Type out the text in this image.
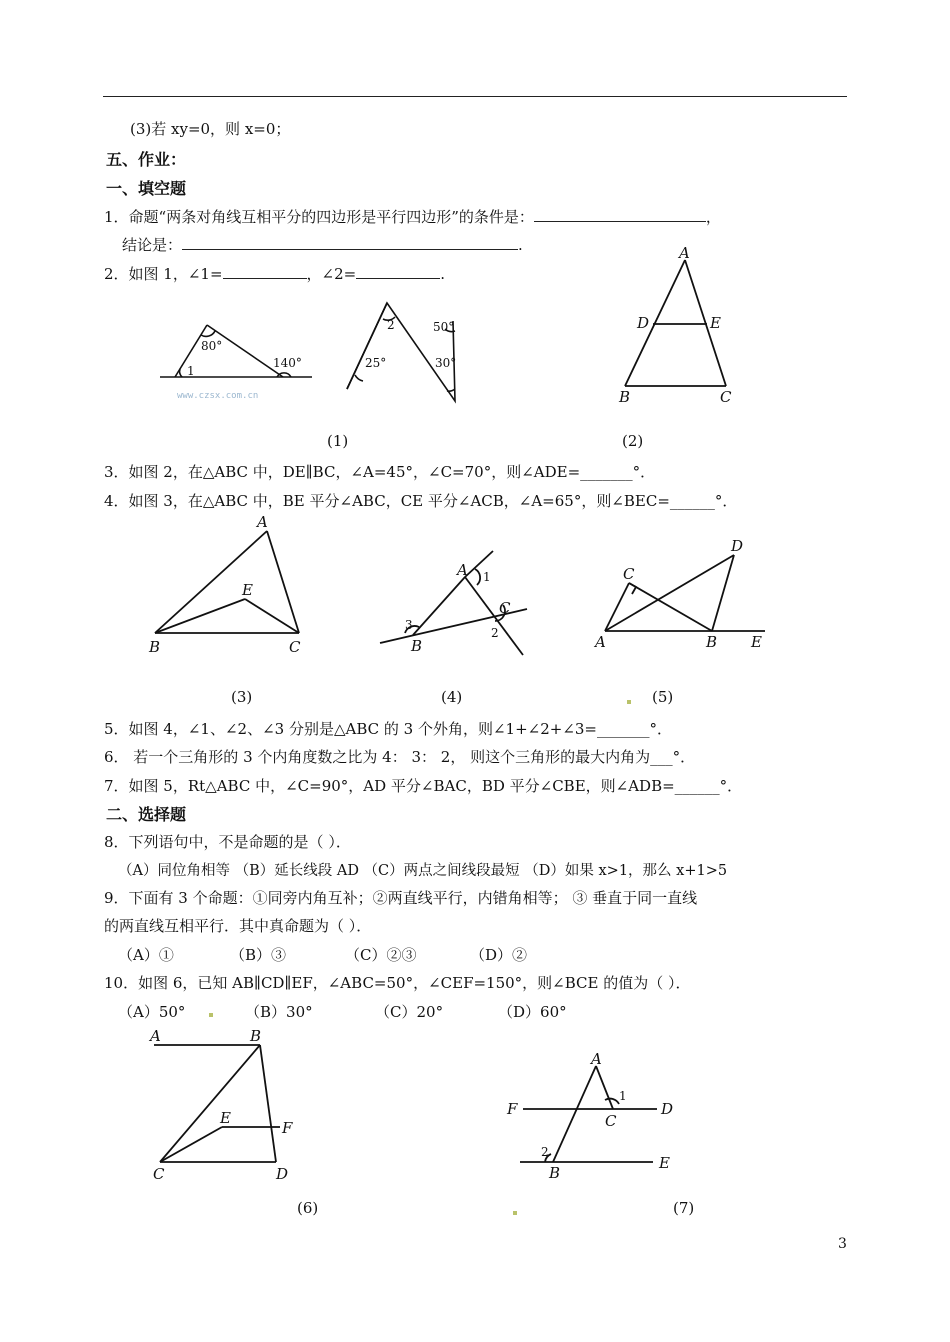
(3)若 xy=0，则 x=0；
五、作业：
一、填空题
1．命题“两条对角线互相平分的四边形是平行四边形”的条件是：	，
结论是：	.
2．如图 1，∠1=	，∠2=	.
80°
140°
1
www.czsx.com.cn
2	50°
25°	30°
A
B	C
D	E
(1)	(2)
3．如图 2，在△ABC 中，DE∥BC，∠A=45°，∠C=70°，则∠ADE=_______°．
4．如图 3，在△ABC 中，BE 平分∠ABC，CE 平分∠ACB，∠A=65°，则∠BEC=______°．
A
B	C
E
A
B
C
1
2
3
A	B
C
D
E
(3)	(4)	(5)
5．如图 4，∠1、∠2、∠3 分别是△ABC 的 3 个外角，则∠1+∠2+∠3=_______°．
6． 若一个三角形的 3 个内角度数之比为 4： 3： 2， 则这个三角形的最大内角为___°．
7．如图 5，Rt△ABC 中，∠C=90°，AD 平分∠BAC，BD 平分∠CBE，则∠ADB=______°．
二、选择题
8．下列语句中，不是命题的是（ ）．
（A）同位角相等 （B）延长线段 AD （C）两点之间线段最短 （D）如果 x>1，那么 x+1>5
9．下面有 3 个命题：①同旁内角互补；②两直线平行，内错角相等； ③ 垂直于同一直线
的两直线互相平行．其中真命题为（ ）．
（A）①	（B）③	（C）②③	（D）②
10．如图 6，已知 AB∥CD∥EF，∠ABC=50°，∠CEF=150°，则∠BCE 的值为（ ）．
（A）50°	（B）30°	（C）20°	（D）60°
A	B
C	D
E
F
A
B
C
D
E
F
1
2
(6)	(7)
3
